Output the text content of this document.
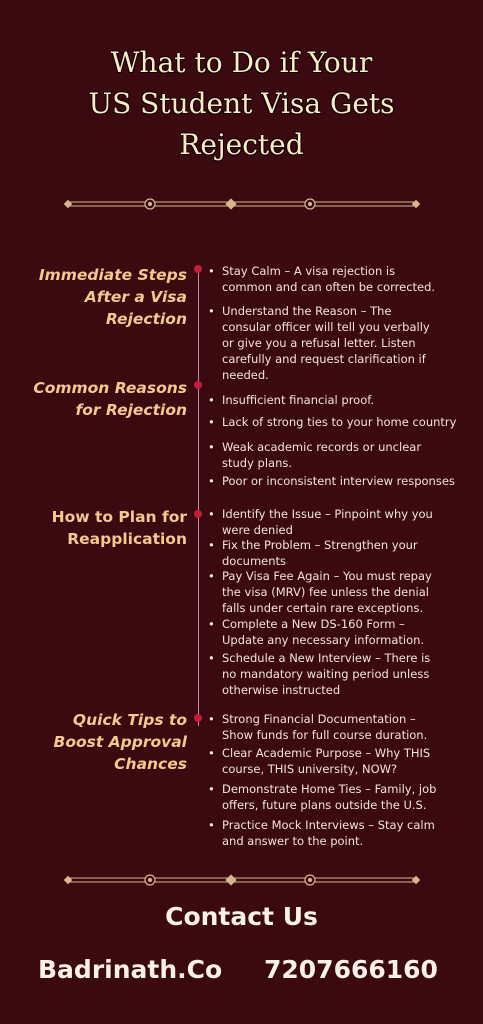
What to Do if Your
US Student Visa Gets
Rejected
Immediate Steps
After a Visa
Rejection
• Stay Calm – A visa rejection is
common and can often be corrected.
• Understand the Reason – The
consular officer will tell you verbally
or give you a refusal letter. Listen
carefully and request clarification if
needed.
Common Reasons
for Rejection
• Insufficient financial proof.
• Lack of strong ties to your home country
• Weak academic records or unclear
study plans.
• Poor or inconsistent interview responses
How to Plan for
Reapplication
• Identify the Issue – Pinpoint why you
were denied
• Fix the Problem – Strengthen your
documents
• Pay Visa Fee Again – You must repay
the visa (MRV) fee unless the denial
falls under certain rare exceptions.
• Complete a New DS-160 Form –
Update any necessary information.
• Schedule a New Interview – There is
no mandatory waiting period unless
otherwise instructed
Quick Tips to
Boost Approval
Chances
• Strong Financial Documentation –
Show funds for full course duration.
• Clear Academic Purpose – Why THIS
course, THIS university, NOW?
• Demonstrate Home Ties – Family, job
offers, future plans outside the U.S.
• Practice Mock Interviews – Stay calm
and answer to the point.
Contact Us
Badrinath.Co 7207666160
